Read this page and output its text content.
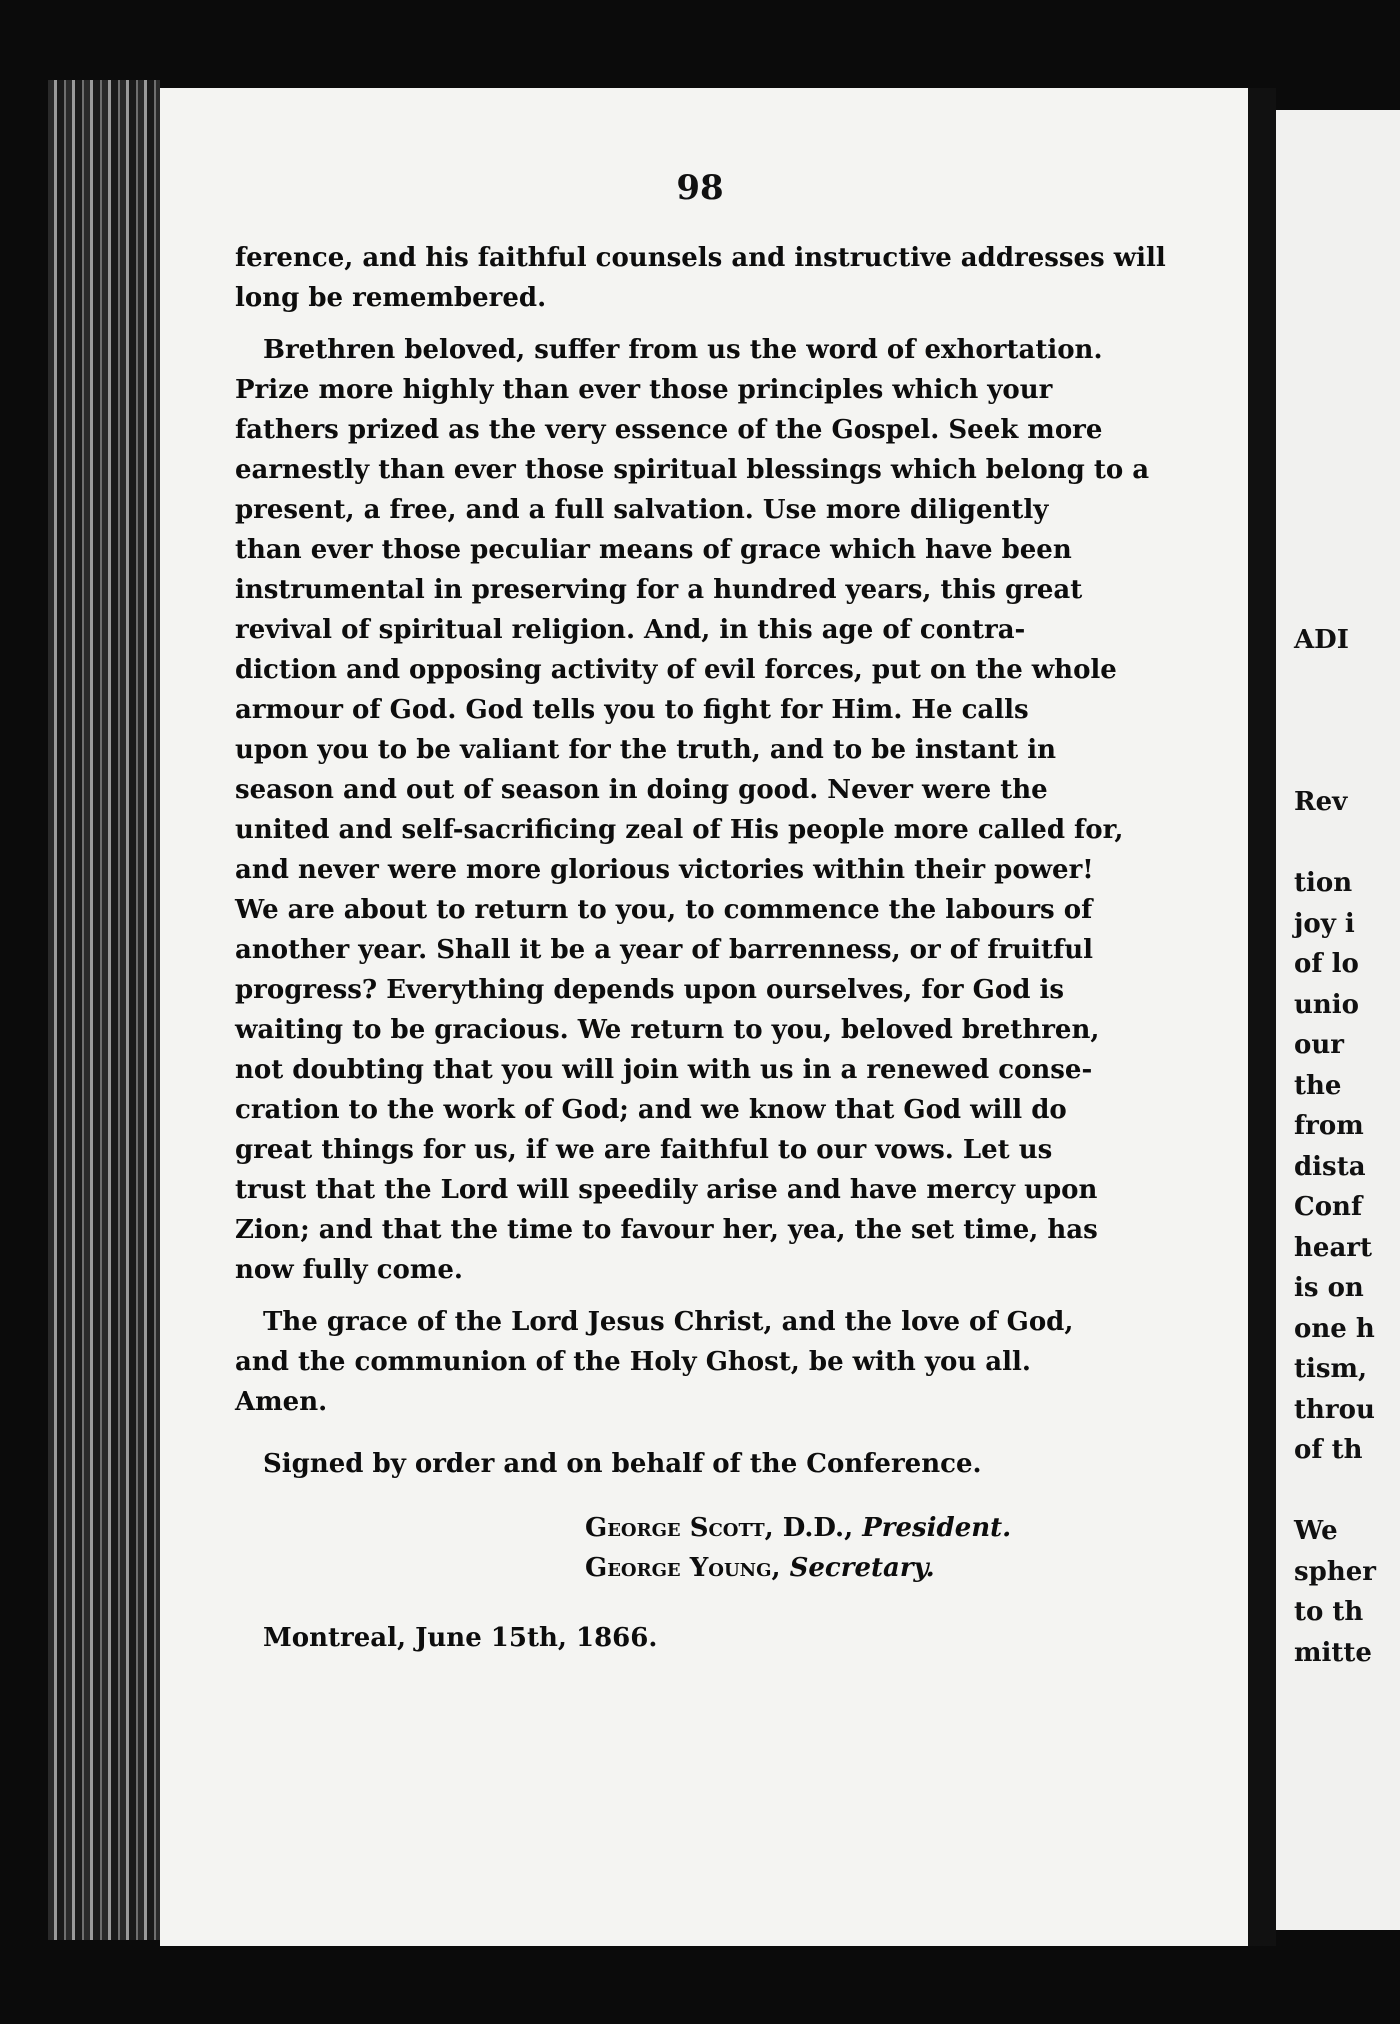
ADI

Rev

tion
joy i
of lo
unio
our
the
from
dista
Conf
heart
is on
one h
tism,
throu
of th

We
spher
to th
mitte
98
ference, and his faithful counsels and instructive addresses will
long be remembered.
Brethren beloved, suffer from us the word of exhortation.
Prize more highly than ever those principles which your
fathers prized as the very essence of the Gospel. Seek more
earnestly than ever those spiritual blessings which belong to a
present, a free, and a full salvation. Use more diligently
than ever those peculiar means of grace which have been
instrumental in preserving for a hundred years, this great
revival of spiritual religion. And, in this age of contra-
diction and opposing activity of evil forces, put on the whole
armour of God. God tells you to fight for Him. He calls
upon you to be valiant for the truth, and to be instant in
season and out of season in doing good. Never were the
united and self-sacrificing zeal of His people more called for,
and never were more glorious victories within their power!
We are about to return to you, to commence the labours of
another year. Shall it be a year of barrenness, or of fruitful
progress? Everything depends upon ourselves, for God is
waiting to be gracious. We return to you, beloved brethren,
not doubting that you will join with us in a renewed conse-
cration to the work of God; and we know that God will do
great things for us, if we are faithful to our vows. Let us
trust that the Lord will speedily arise and have mercy upon
Zion; and that the time to favour her, yea, the set time, has
now fully come.
The grace of the Lord Jesus Christ, and the love of God,
and the communion of the Holy Ghost, be with you all.
Amen.
Signed by order and on behalf of the Conference.
George Scott, D.D., President.
George Young, Secretary.
Montreal, June 15th, 1866.
